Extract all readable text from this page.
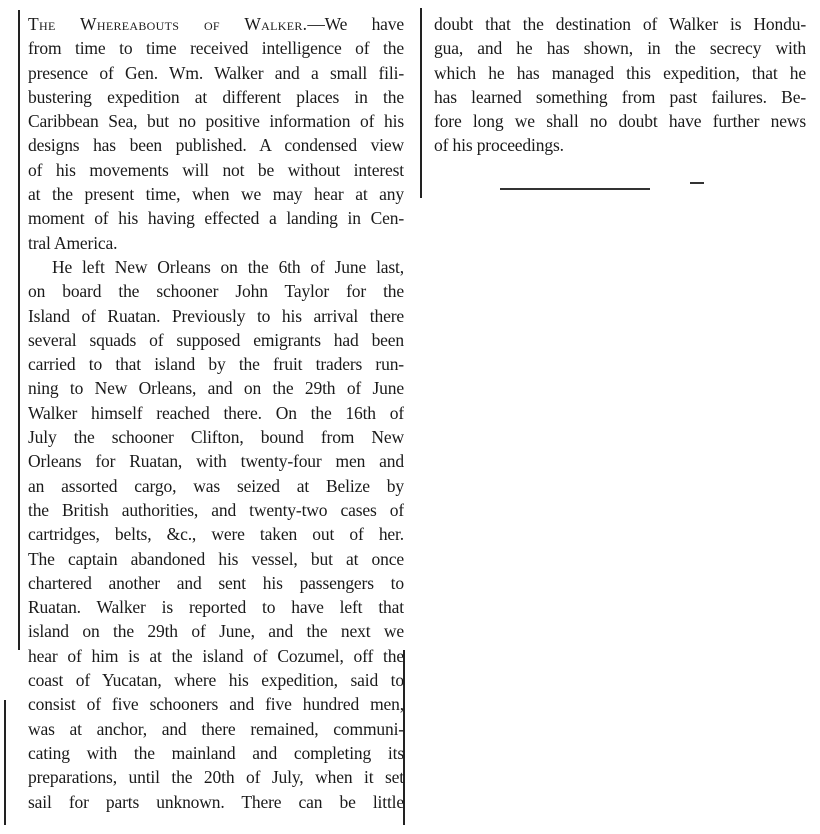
The Whereabouts of Walker.—We have
from time to time received intelligence of the
presence of Gen. Wm. Walker and a small fili-
bustering expedition at different places in the
Caribbean Sea, but no positive information of his
designs has been published. A condensed view
of his movements will not be without interest
at the present time, when we may hear at any
moment of his having effected a landing in Cen-
tral America.
He left New Orleans on the 6th of June last,
on board the schooner John Taylor for the
Island of Ruatan. Previously to his arrival there
several squads of supposed emigrants had been
carried to that island by the fruit traders run-
ning to New Orleans, and on the 29th of June
Walker himself reached there. On the 16th of
July the schooner Clifton, bound from New
Orleans for Ruatan, with twenty-four men and
an assorted cargo, was seized at Belize by
the British authorities, and twenty-two cases of
cartridges, belts, &c., were taken out of her.
The captain abandoned his vessel, but at once
chartered another and sent his passengers to
Ruatan. Walker is reported to have left that
island on the 29th of June, and the next we
hear of him is at the island of Cozumel, off the
coast of Yucatan, where his expedition, said to
consist of five schooners and five hundred men,
was at anchor, and there remained, communi-
cating with the mainland and completing its
preparations, until the 20th of July, when it set
sail for parts unknown. There can be little
doubt that the destination of Walker is Hondu-
gua, and he has shown, in the secrecy with
which he has managed this expedition, that he
has learned something from past failures. Be-
fore long we shall no doubt have further news
of his proceedings.
